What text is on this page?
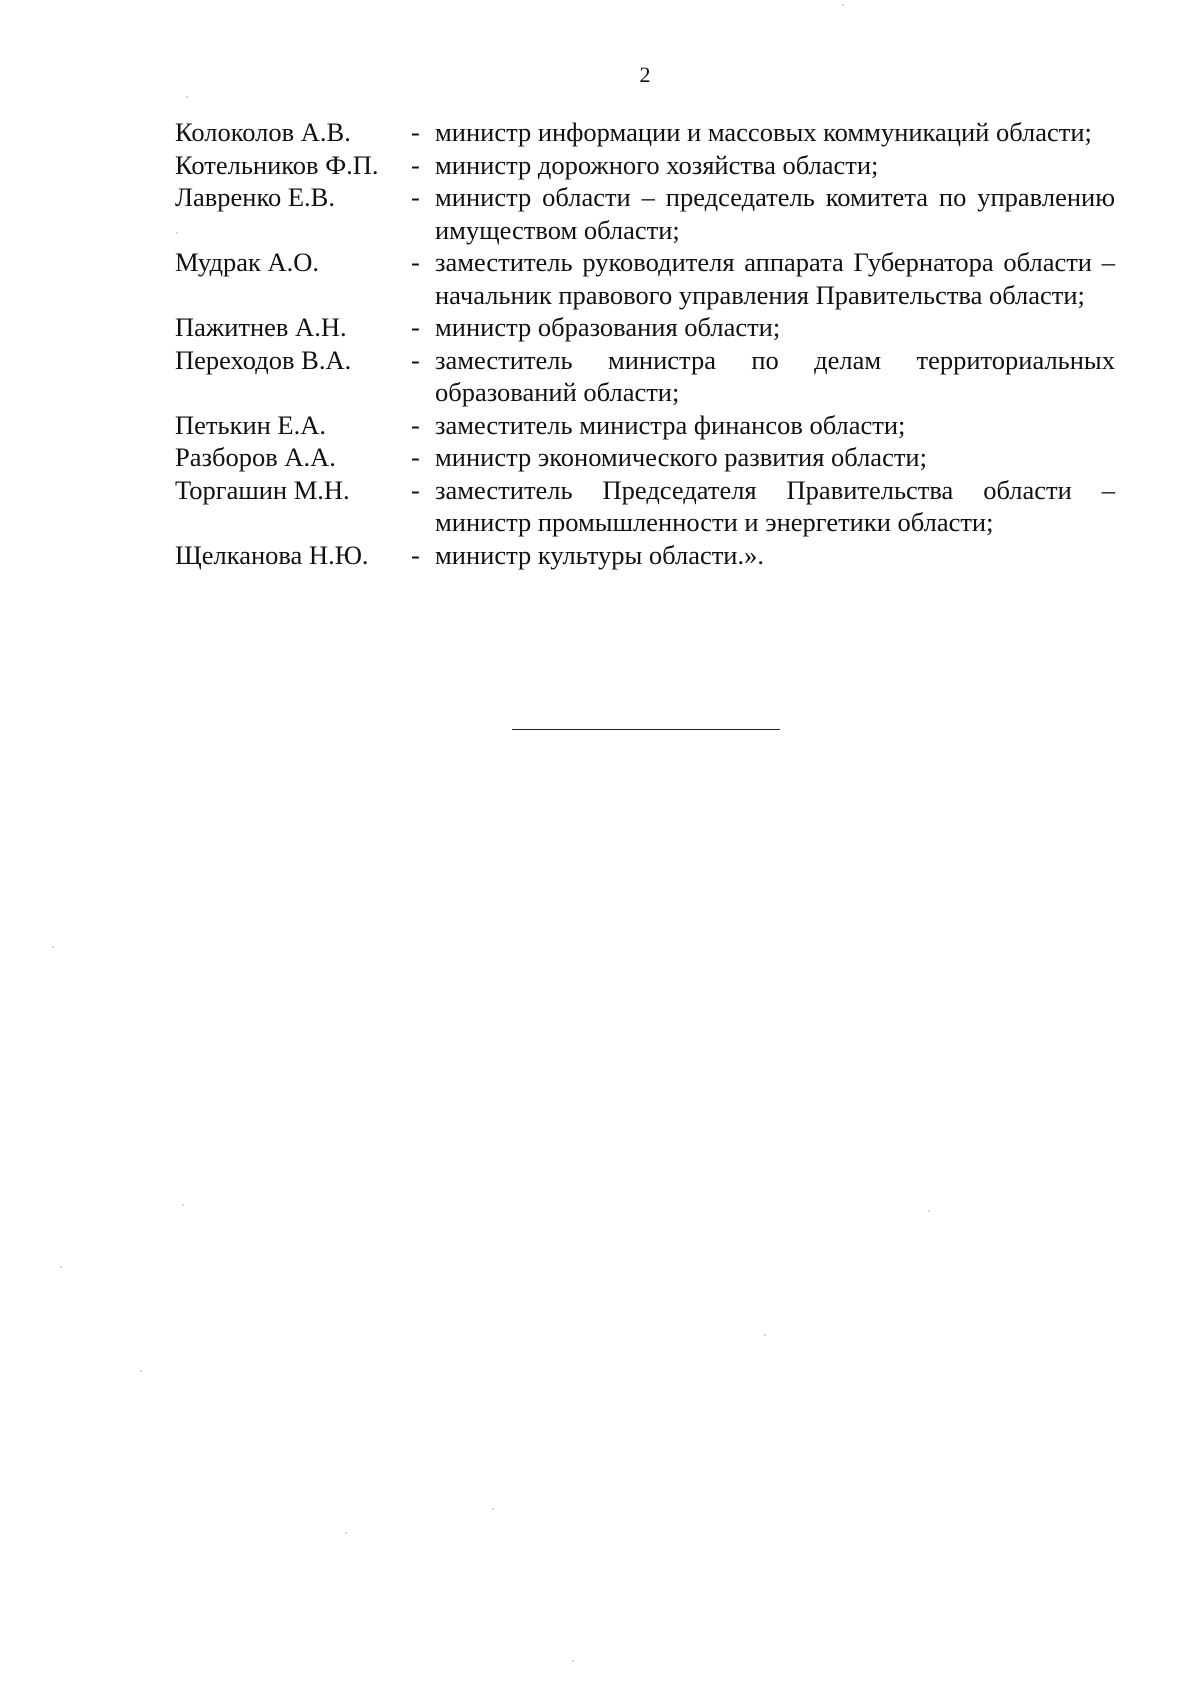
2
Колоколов А.В.	- министр информации и массовых коммуникаций области;
Котельников Ф.П.	- министр дорожного хозяйства области;
Лавренко Е.В.	- министр области – председатель комитета по управлению имуществом области;
Мудрак А.О.	- заместитель руководителя аппарата Губернатора области – начальник правового управления Правительства области;
Пажитнев А.Н.	- министр образования области;
Переходов В.А.	- заместитель министра по делам территориальных образований области;
Петькин Е.А.	- заместитель министра финансов области;
Разборов А.А.	- министр экономического развития области;
Торгашин М.Н.	- заместитель Председателя Правительства области – министр промышленности и энергетики области;
Щелканова Н.Ю.	- министр культуры области.».
